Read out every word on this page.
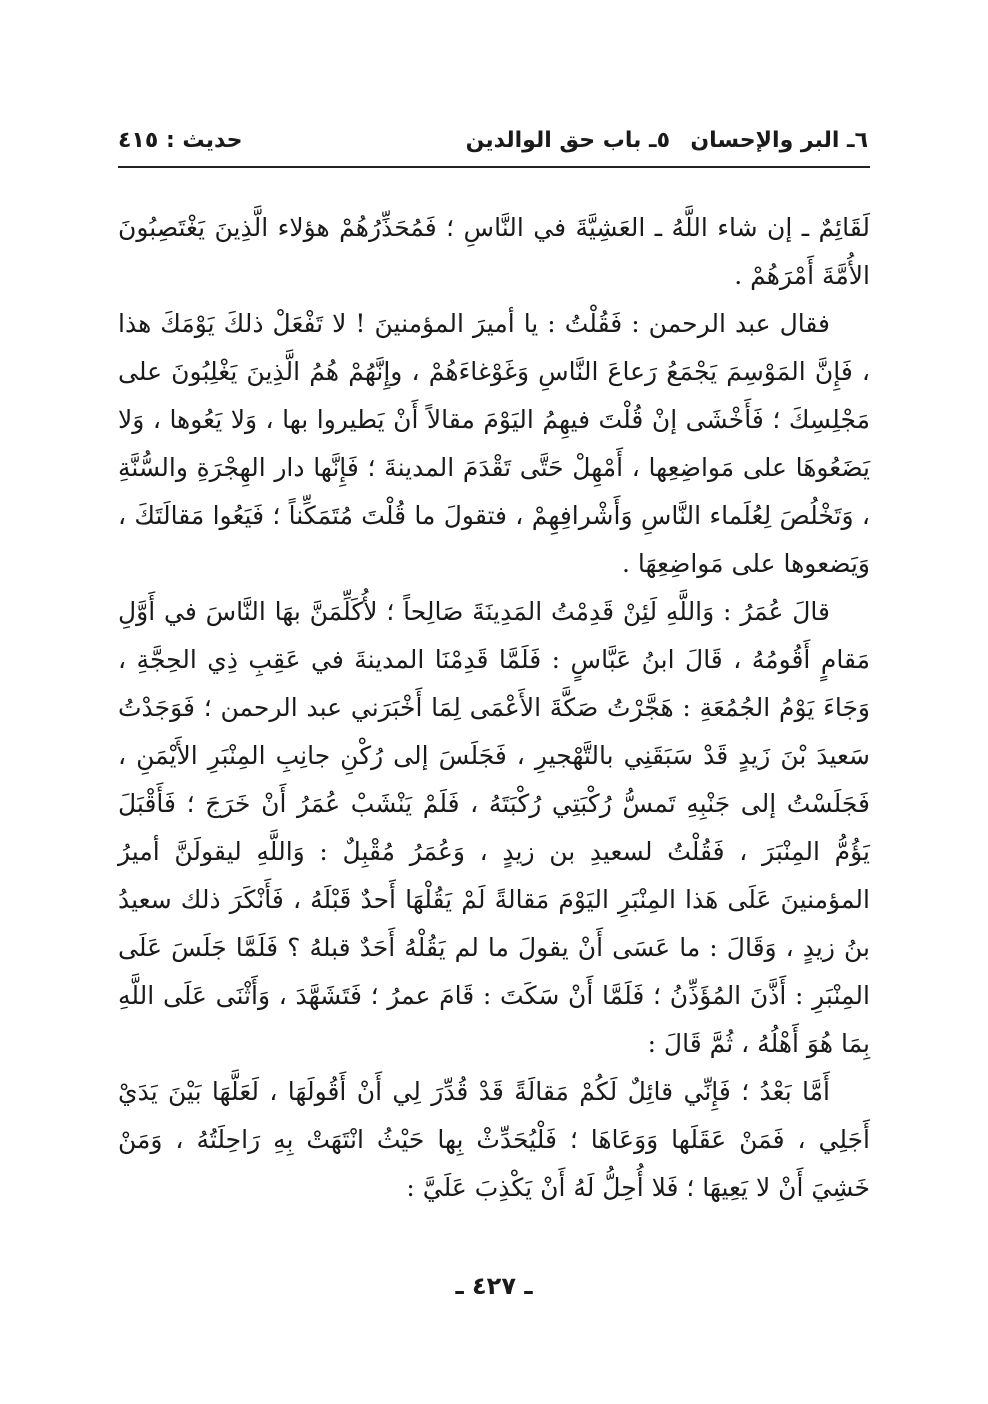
٦ـ البر والإحسان
٥ـ باب حق الوالدين
حديث : ٤١٥

لَقَائِمٌ ـ إن شاء اللَّهُ ـ العَشِيَّةَ في النَّاسِ ؛ فَمُحَذِّرُهُمْ هؤلاء الَّذِينَ يَغْتَصِبُونَ الأُمَّةَ أَمْرَهُمْ .

فقال عبد الرحمن : فَقُلْتُ : يا أميرَ المؤمنينَ ! لا تَفْعَلْ ذلكَ يَوْمَكَ هذا ، فَإِنَّ المَوْسِمَ يَجْمَعُ رَعاعَ النَّاسِ وَغَوْغاءَهُمْ ، وإِنَّهُمْ هُمُ الَّذِينَ يَغْلِبُونَ على مَجْلِسِكَ ؛ فَأَخْشَى إنْ قُلْتَ فيهِمُ اليَوْمَ مقالاً أَنْ يَطيروا بها ، وَلا يَعُوها ، وَلا يَضَعُوهَا على مَواضِعِها ، أَمْهِلْ حَتَّى تَقْدَمَ المدينةَ ؛ فَإِنَّها دار الهِجْرَةِ والسُّنَّةِ ، وَتَخْلُصَ لِعُلَماء النَّاسِ وَأَشْرافِهِمْ ، فتقولَ ما قُلْتَ مُتَمَكِّناً ؛ فَيَعُوا مَقالَتَكَ ، وَيَضعوها على مَواضِعِهَا .

قالَ عُمَرُ : وَاللَّهِ لَئِنْ قَدِمْتُ المَدِينَةَ صَالِحاً ؛ لأُكَلِّمَنَّ بهَا النَّاسَ في أَوَّلِ مَقامٍ أَقُومُهُ ، قَالَ ابنُ عَبَّاسٍ : فَلَمَّا قَدِمْنَا المدينةَ في عَقِبِ ذِي الحِجَّةِ ، وَجَاءَ يَوْمُ الجُمُعَةِ : هَجَّرْتُ صَكَّةَ الأَعْمَى لِمَا أَخْبَرَني عبد الرحمن ؛ فَوَجَدْتُ سَعيدَ بْنَ زَيدٍ قَدْ سَبَقَنِي بالتَّهْجيرِ ، فَجَلَسَ إلى رُكْنِ جانِبِ المِنْبَرِ الأَيْمَنِ ، فَجَلَسْتُ إلى جَنْبِهِ تَمسُّ رُكْبَتِي رُكْبَتَهُ ، فَلَمْ يَنْشَبْ عُمَرُ أَنْ خَرَجَ ؛ فَأَقْبَلَ يَؤُمُّ المِنْبَرَ ، فَقُلْتُ لسعيدِ بن زيدٍ ، وَعُمَرُ مُقْبِلٌ : وَاللَّهِ ليقولَنَّ أميرُ المؤمنينَ عَلَى هَذا المِنْبَرِ اليَوْمَ مَقالةً لَمْ يَقُلْهَا أَحدٌ قَبْلَهُ ، فَأَنْكَرَ ذلك سعيدُ بنُ زيدٍ ، وَقَالَ : ما عَسَى أَنْ يقولَ ما لم يَقُلْهُ أَحَدٌ قبلهُ ؟ فَلَمَّا جَلَسَ عَلَى المِنْبَرِ : أَذَّنَ المُؤَذِّنُ ؛ فَلَمَّا أَنْ سَكَتَ : قَامَ عمرُ ؛ فَتَشَهَّدَ ، وَأَثْنَى عَلَى اللَّهِ بِمَا هُوَ أَهْلُهُ ، ثُمَّ قَالَ :

أَمَّا بَعْدُ ؛ فَإِنِّي قائِلٌ لَكُمْ مَقالَةً قَدْ قُدِّرَ لِي أَنْ أَقُولَهَا ، لَعَلَّهَا بَيْنَ يَدَيْ أَجَلِي ، فَمَنْ عَقَلَها وَوَعَاهَا ؛ فَلْيُحَدِّثْ بِها حَيْثُ انْتَهَتْ بِهِ رَاحِلَتُهُ ، وَمَنْ خَشِيَ أَنْ لا يَعِيهَا ؛ فَلا أُحِلُّ لَهُ أَنْ يَكْذِبَ عَلَيَّ :

ـ ٤٢٧ ـ
